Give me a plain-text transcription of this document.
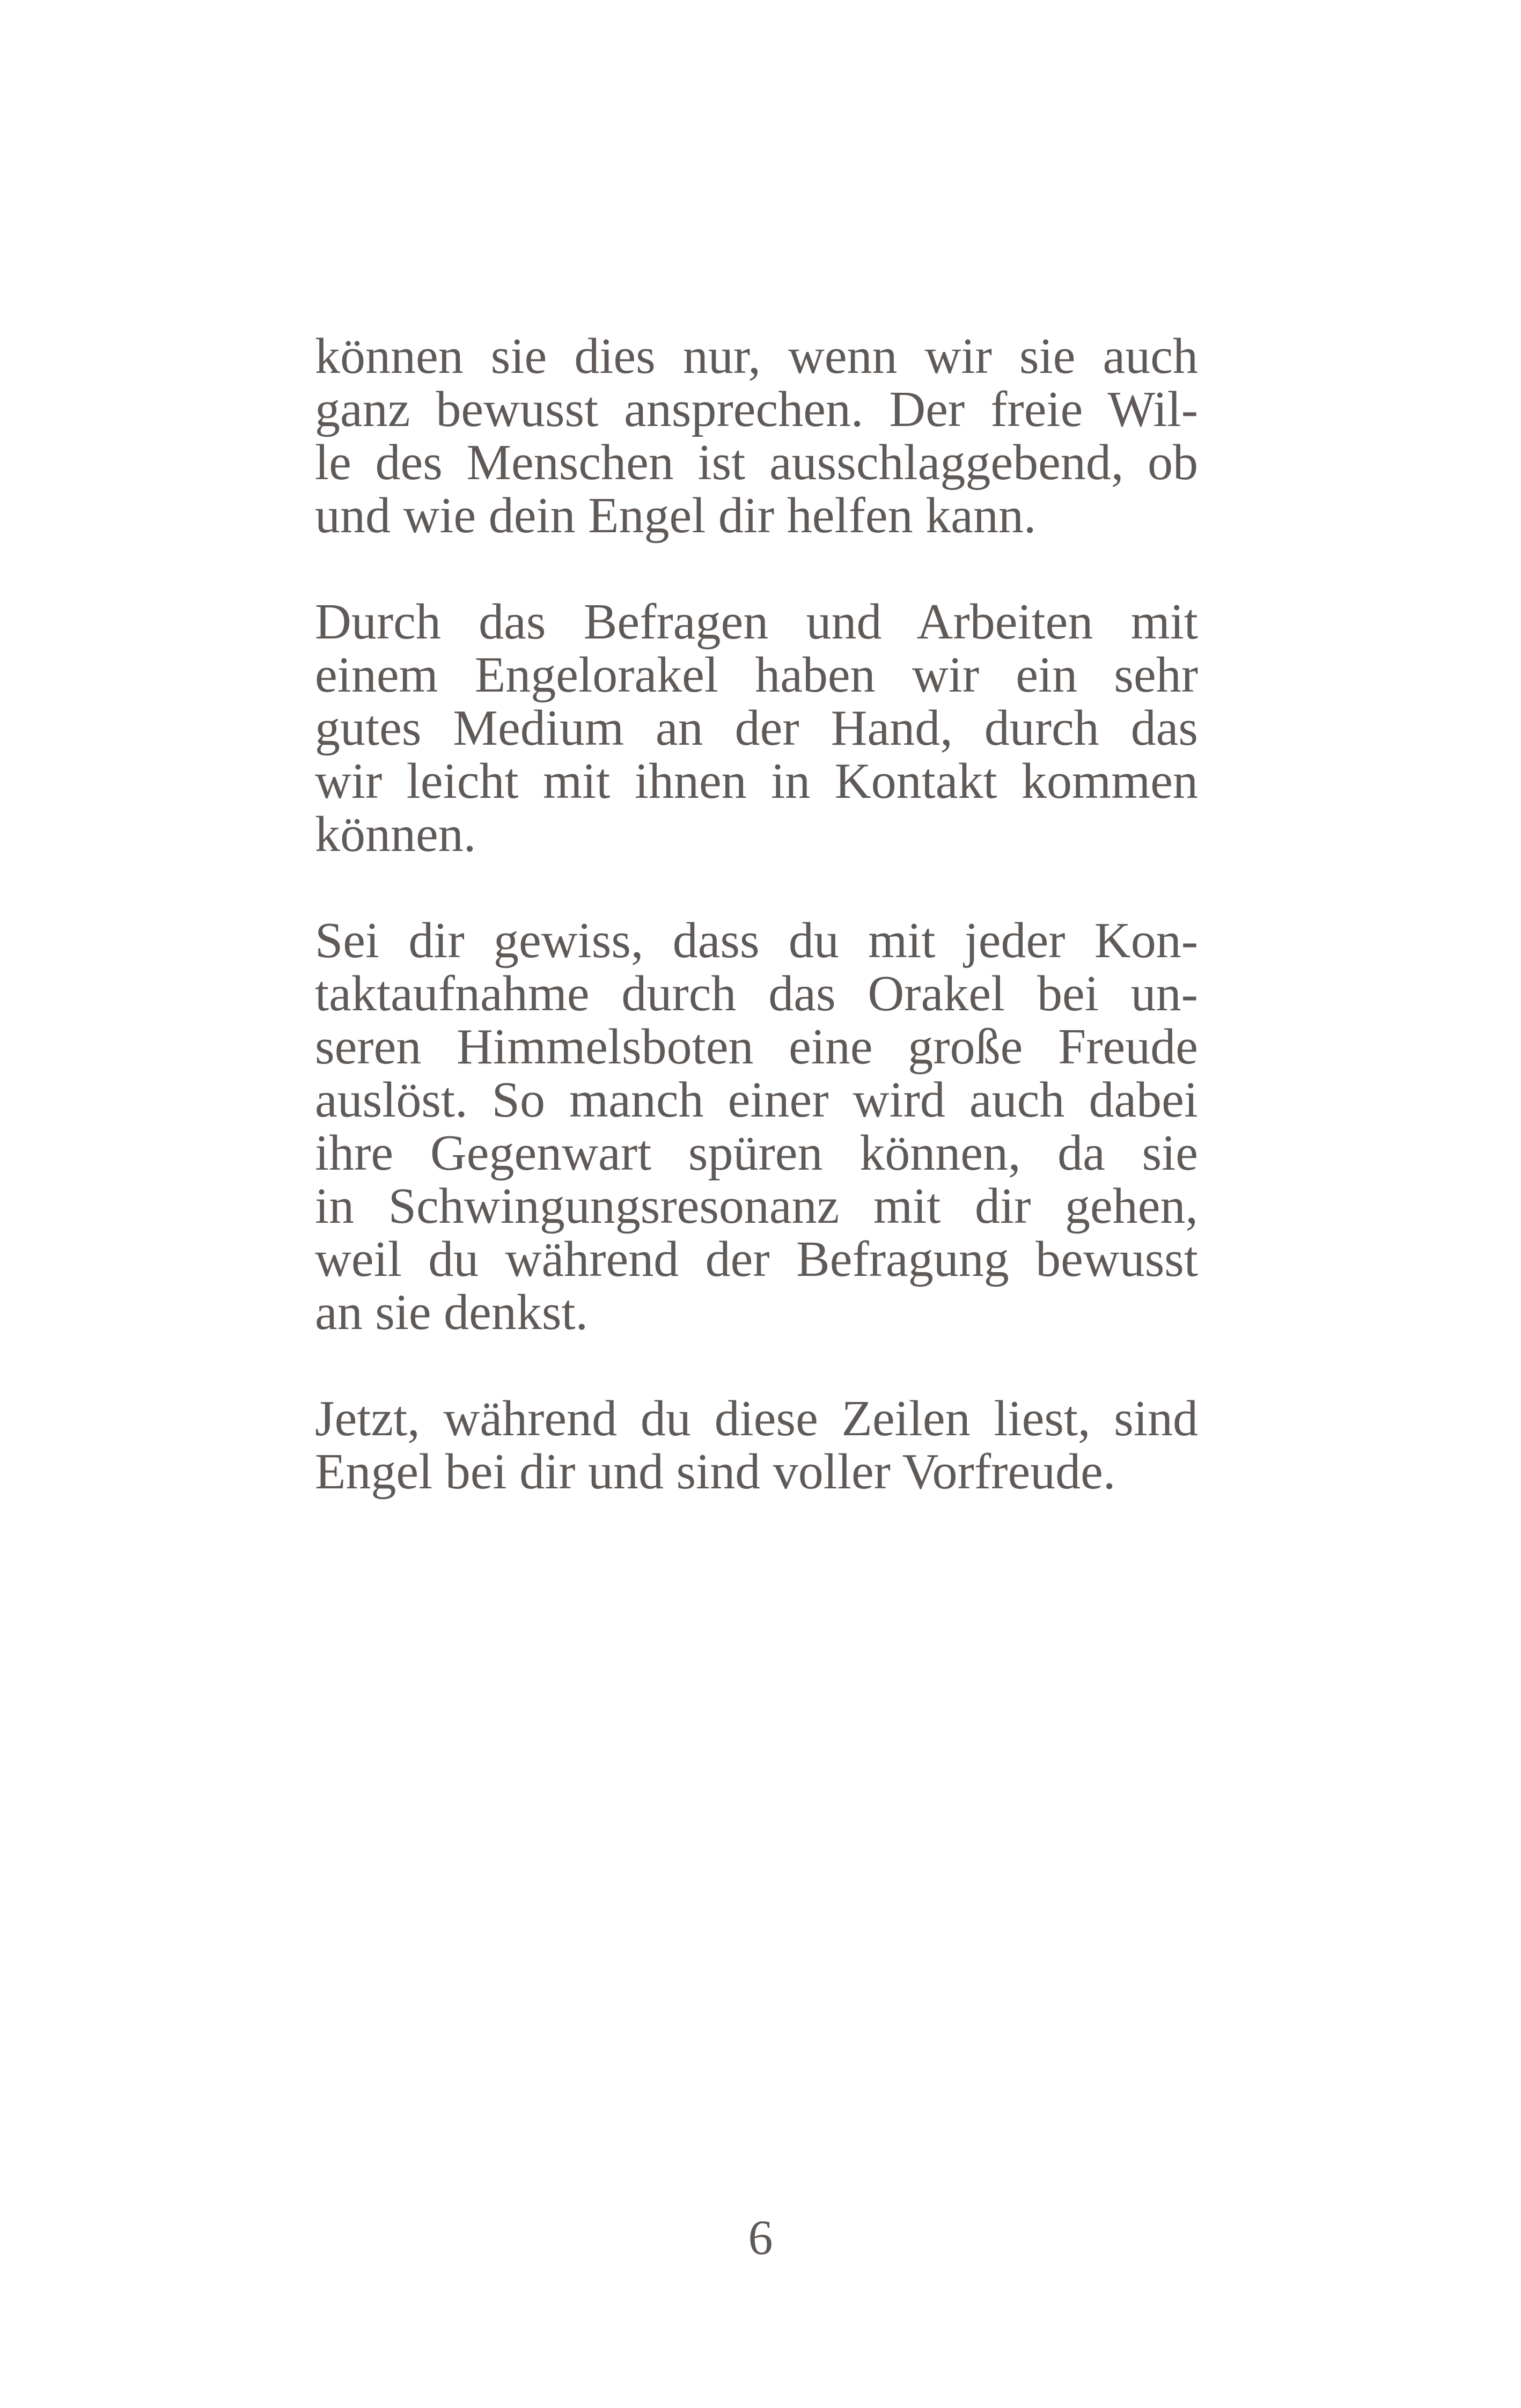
können sie dies nur, wenn wir sie auch
ganz bewusst ansprechen. Der freie Wil-
le des Menschen ist ausschlaggebend, ob
und wie dein Engel dir helfen kann.

Durch das Befragen und Arbeiten mit
einem Engelorakel haben wir ein sehr
gutes Medium an der Hand, durch das
wir leicht mit ihnen in Kontakt kommen
können.

Sei dir gewiss, dass du mit jeder Kon-
taktaufnahme durch das Orakel bei un-
seren Himmelsboten eine große Freude
auslöst. So manch einer wird auch dabei
ihre Gegenwart spüren können, da sie
in Schwingungsresonanz mit dir gehen,
weil du während der Befragung bewusst
an sie denkst.

Jetzt, während du diese Zeilen liest, sind
Engel bei dir und sind voller Vorfreude.

6
